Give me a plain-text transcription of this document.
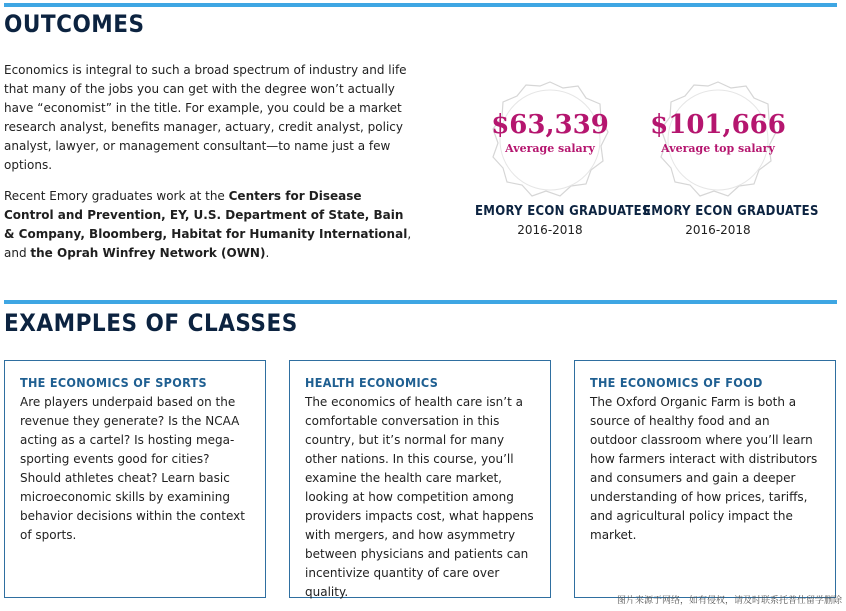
OUTCOMES

Economics is integral to such a broad spectrum of industry and life that many of the jobs you can get with the degree won’t actually have “economist” in the title. For example, you could be a market research analyst, benefits manager, actuary, credit analyst, policy analyst, lawyer, or management consultant—to name just a few options.

Recent Emory graduates work at the Centers for Disease Control and Prevention, EY, U.S. Department of State, Bain & Company, Bloomberg, Habitat for Humanity International, and the Oprah Winfrey Network (OWN).

$63,339
Average salary
EMORY ECON GRADUATES
2016-2018
$101,666
Average top salary
EMORY ECON GRADUATES
2016-2018
EXAMPLES OF CLASSES
THE ECONOMICS OF SPORTS

Are players underpaid based on the revenue they generate? Is the NCAA acting as a cartel? Is hosting mega-sporting events good for cities? Should athletes cheat? Learn basic microeconomic skills by examining behavior decisions within the context of sports.

HEALTH ECONOMICS

The economics of health care isn’t a comfortable conversation in this country, but it’s normal for many other nations. In this course, you’ll examine the health care market, looking at how competition among providers impacts cost, what happens with mergers, and how asymmetry between physicians and patients can incentivize quantity of care over quality.

THE ECONOMICS OF FOOD

The Oxford Organic Farm is both a source of healthy food and an outdoor classroom where you’ll learn how farmers interact with distributors and consumers and gain a deeper understanding of how prices, tariffs, and agricultural policy impact the market.

图片来源于网络，如有侵权，请及时联系托普仕留学删除
